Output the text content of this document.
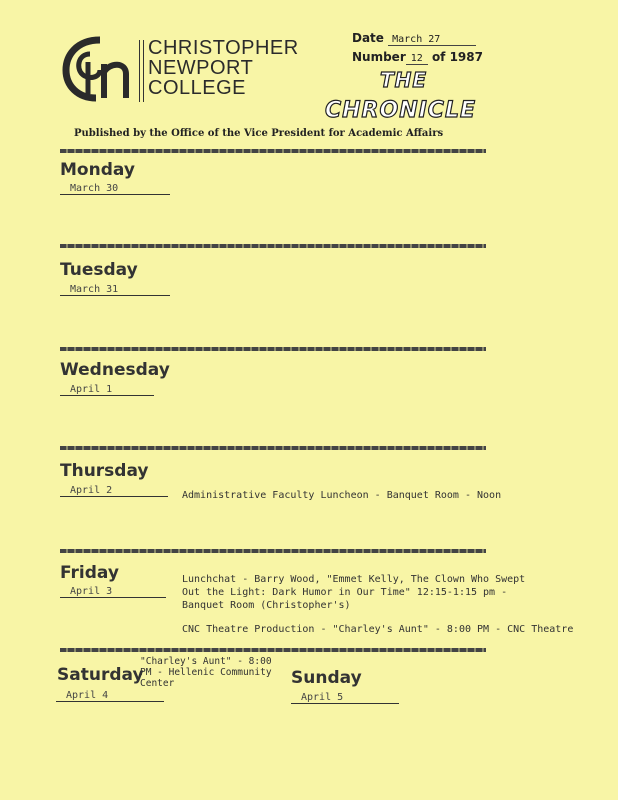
CHRISTOPHER
NEWPORT
COLLEGE
Date March 27
Number 12 of 1987
THE
CHRONICLE
Published by the Office of the Vice President for Academic Affairs
Monday
March 30
Tuesday
March 31
Wednesday
April 1
Thursday
April 2	Administrative Faculty Luncheon - Banquet Room - Noon
Friday
April 3
Lunchchat - Barry Wood, "Emmet Kelly, The Clown Who Swept
Out the Light: Dark Humor in Our Time" 12:15-1:15 pm -
Banquet Room (Christopher's)
CNC Theatre Production - "Charley's Aunt" - 8:00 PM - CNC Theatre
Saturday
"Charley's Aunt" - 8:00
PM - Hellenic Community
Center
April 4
Sunday
April 5
